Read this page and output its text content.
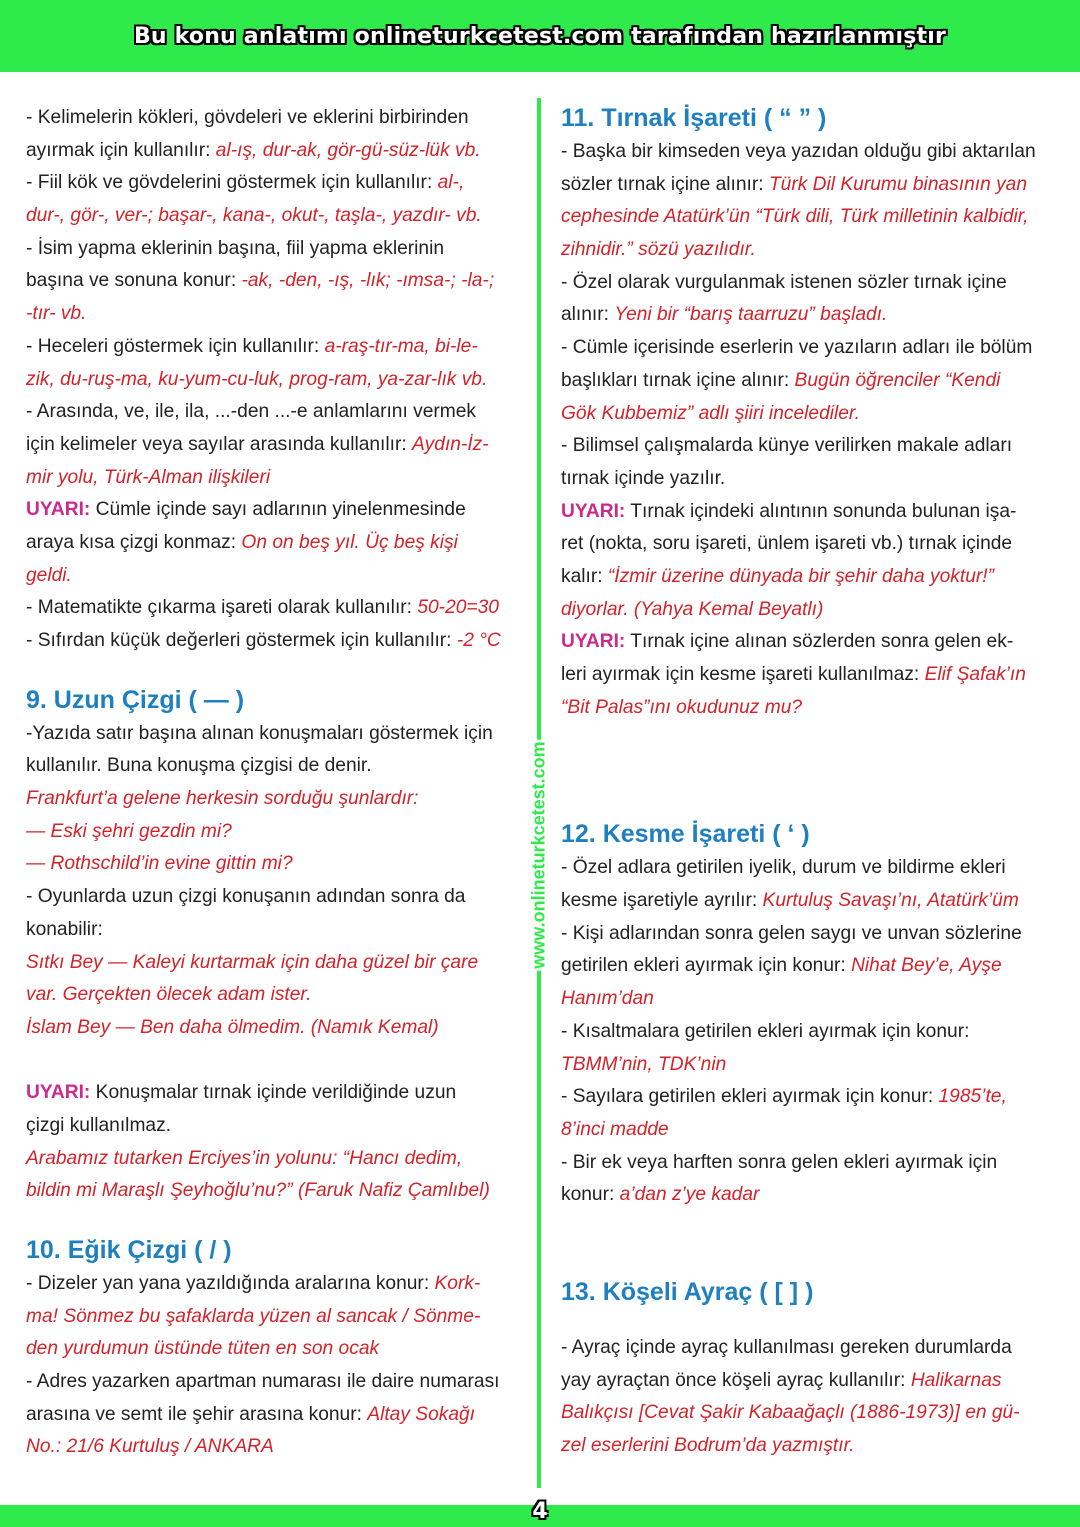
Bu konu anlatımı onlineturkcetest.com tarafından hazırlanmıştır
www.onlineturkcetest.com
- Kelimelerin kökleri, gövdeleri ve eklerini birbirinden
ayırmak için kullanılır: al-ış, dur-ak, gör-gü-süz-lük vb.
- Fiil kök ve gövdelerini göstermek için kullanılır: al-,
dur-, gör-, ver-; başar-, kana-, okut-, taşla-, yazdır- vb.
- İsim yapma eklerinin başına, fiil yapma eklerinin
başına ve sonuna konur: -ak, -den, -ış, -lık; -ımsa-; -la-;
-tır- vb.
- Heceleri göstermek için kullanılır: a-raş-tır-ma, bi-le-
zik, du-ruş-ma, ku-yum-cu-luk, prog-ram, ya-zar-lık vb.
- Arasında, ve, ile, ila, ...-den ...-e anlamlarını vermek
için kelimeler veya sayılar arasında kullanılır: Aydın-İz-
mir yolu, Türk-Alman ilişkileri
UYARI: Cümle içinde sayı adlarının yinelenmesinde
araya kısa çizgi konmaz: On on beş yıl. Üç beş kişi
geldi.
- Matematikte çıkarma işareti olarak kullanılır: 50-20=30
- Sıfırdan küçük değerleri göstermek için kullanılır: -2 °C
9. Uzun Çizgi ( — )
-Yazıda satır başına alınan konuşmaları göstermek için
kullanılır. Buna konuşma çizgisi de denir.
Frankfurt’a gelene herkesin sorduğu şunlardır:
— Eski şehri gezdin mi?
— Rothschild’in evine gittin mi?
- Oyunlarda uzun çizgi konuşanın adından sonra da
konabilir:
Sıtkı Bey — Kaleyi kurtarmak için daha güzel bir çare
var. Gerçekten ölecek adam ister.
İslam Bey — Ben daha ölmedim. (Namık Kemal)
UYARI: Konuşmalar tırnak içinde verildiğinde uzun
çizgi kullanılmaz.
Arabamız tutarken Erciyes’in yolunu: “Hancı dedim,
bildin mi Maraşlı Şeyhoğlu’nu?” (Faruk Nafiz Çamlıbel)
10. Eğik Çizgi ( / )
- Dizeler yan yana yazıldığında aralarına konur: Kork-
ma! Sönmez bu şafaklarda yüzen al sancak / Sönme-
den yurdumun üstünde tüten en son ocak
- Adres yazarken apartman numarası ile daire numarası
arasına ve semt ile şehir arasına konur: Altay Sokağı
No.: 21/6 Kurtuluş / ANKARA
11. Tırnak İşareti ( “ ” )
- Başka bir kimseden veya yazıdan olduğu gibi aktarılan
sözler tırnak içine alınır: Türk Dil Kurumu binasının yan
cephesinde Atatürk’ün “Türk dili, Türk milletinin kalbidir,
zihnidir.” sözü yazılıdır.
- Özel olarak vurgulanmak istenen sözler tırnak içine
alınır: Yeni bir “barış taarruzu” başladı.
- Cümle içerisinde eserlerin ve yazıların adları ile bölüm
başlıkları tırnak içine alınır: Bugün öğrenciler “Kendi
Gök Kubbemiz” adlı şiiri incelediler.
- Bilimsel çalışmalarda künye verilirken makale adları
tırnak içinde yazılır.
UYARI: Tırnak içindeki alıntının sonunda bulunan işa-
ret (nokta, soru işareti, ünlem işareti vb.) tırnak içinde
kalır: “İzmir üzerine dünyada bir şehir daha yoktur!”
diyorlar. (Yahya Kemal Beyatlı)
UYARI: Tırnak içine alınan sözlerden sonra gelen ek-
leri ayırmak için kesme işareti kullanılmaz: Elif Şafak’ın
“Bit Palas”ını okudunuz mu?
12. Kesme İşareti ( ‘ )
- Özel adlara getirilen iyelik, durum ve bildirme ekleri
kesme işaretiyle ayrılır: Kurtuluş Savaşı’nı, Atatürk’üm
- Kişi adlarından sonra gelen saygı ve unvan sözlerine
getirilen ekleri ayırmak için konur: Nihat Bey’e, Ayşe
Hanım’dan
- Kısaltmalara getirilen ekleri ayırmak için konur:
TBMM’nin, TDK’nin
- Sayılara getirilen ekleri ayırmak için konur: 1985’te,
8’inci madde
- Bir ek veya harften sonra gelen ekleri ayırmak için
konur: a’dan z’ye kadar
13. Köşeli Ayraç ( [ ] )
- Ayraç içinde ayraç kullanılması gereken durumlarda
yay ayraçtan önce köşeli ayraç kullanılır: Halikarnas
Balıkçısı [Cevat Şakir Kabaağaçlı (1886-1973)] en gü-
zel eserlerini Bodrum’da yazmıştır.
4
